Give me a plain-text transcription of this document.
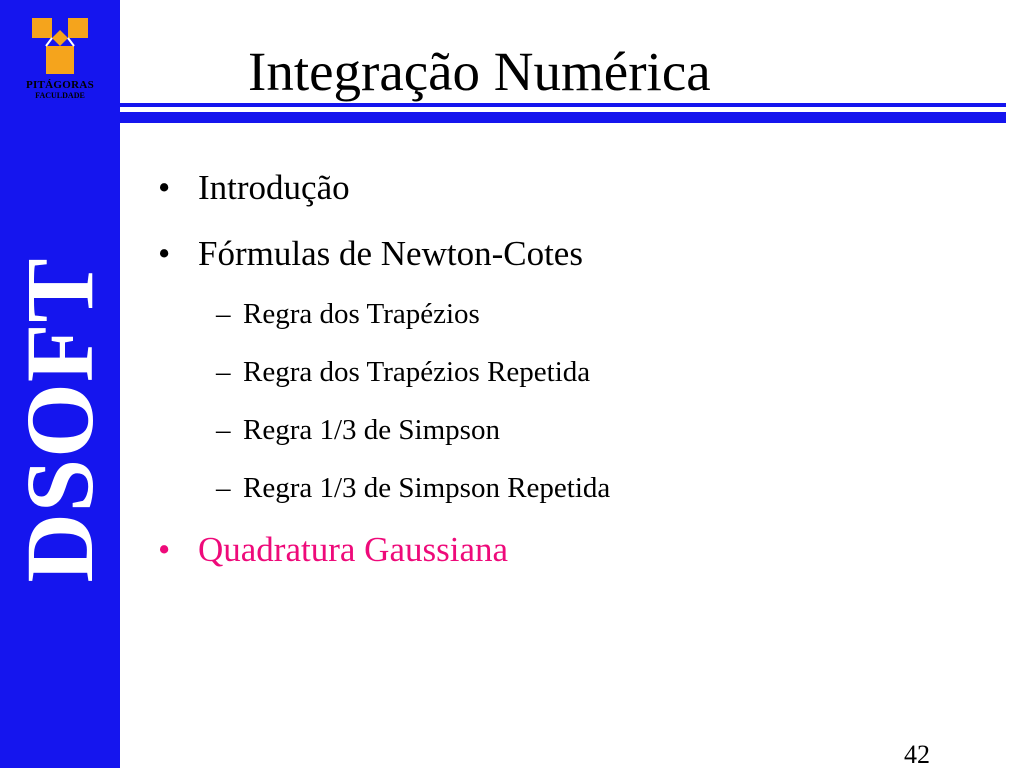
PITÁGORAS
FACULDADE
DSOFT
Integração Numérica
• Introdução
• Fórmulas de Newton-Cotes
– Regra dos Trapézios
– Regra dos Trapézios Repetida
– Regra 1/3 de Simpson
– Regra 1/3 de Simpson Repetida
• Quadratura Gaussiana
42
